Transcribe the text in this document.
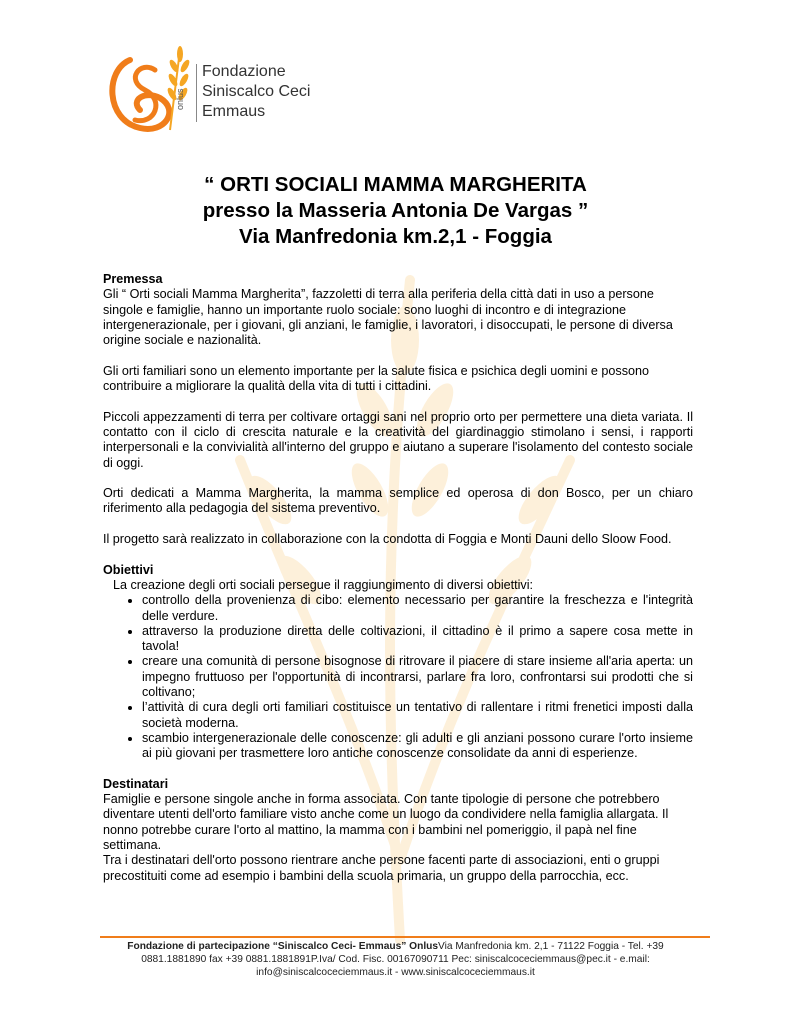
onlus
Fondazione
Siniscalco Ceci
Emmaus
“ ORTI SOCIALI MAMMA MARGHERITA
presso la Masseria Antonia De Vargas ”
Via Manfredonia km.2,1 - Foggia
Premessa

Gli “ Orti sociali Mamma Margherita”, fazzoletti di terra alla periferia della città dati in uso a persone singole e famiglie, hanno un importante ruolo sociale: sono luoghi di incontro e di integrazione intergenerazionale, per i giovani, gli anziani, le famiglie, i lavoratori, i disoccupati, le persone di diversa origine sociale e nazionalità.

Gli orti familiari sono un elemento importante per la salute fisica e psichica degli uomini e possono contribuire a migliorare la qualità della vita di tutti i cittadini.

Piccoli appezzamenti di terra per coltivare ortaggi sani nel proprio orto per permettere una dieta variata. Il contatto con il ciclo di crescita naturale e la creatività del giardinaggio stimolano i sensi, i rapporti interpersonali e la convivialità all'interno del gruppo e aiutano a superare l'isolamento del contesto sociale di oggi.

Orti dedicati a Mamma Margherita, la mamma semplice ed operosa di don Bosco, per un chiaro riferimento alla pedagogia del sistema preventivo.

Il progetto sarà realizzato in collaborazione con la condotta di Foggia e Monti Dauni dello Sloow Food.

Obiettivi
La creazione degli orti sociali persegue il raggiungimento di diversi obiettivi:
• controllo della provenienza di cibo: elemento necessario per garantire la freschezza e l'integrità delle verdure.
• attraverso la produzione diretta delle coltivazioni, il cittadino è il primo a sapere cosa mette in tavola!
• creare una comunità di persone bisognose di ritrovare il piacere di stare insieme all'aria aperta: un impegno fruttuoso per l'opportunità di incontrarsi, parlare fra loro, confrontarsi sui prodotti che si coltivano;
• l’attività di cura degli orti familiari costituisce un tentativo di rallentare i ritmi frenetici imposti dalla società moderna.
• scambio intergenerazionale delle conoscenze: gli adulti e gli anziani possono curare l'orto insieme ai più giovani per trasmettere loro antiche conoscenze consolidate da anni di esperienze.
Destinatari
Famiglie e persone singole anche in forma associata. Con tante tipologie di persone che potrebbero diventare utenti dell'orto familiare visto anche come un luogo da condividere nella famiglia allargata. Il nonno potrebbe curare l'orto al mattino, la mamma con i bambini nel pomeriggio, il papà nel fine settimana.
Tra i destinatari dell'orto possono rientrare anche persone facenti parte di associazioni, enti o gruppi precostituiti come ad esempio i bambini della scuola primaria, un gruppo della parrocchia, ecc.
Fondazione di partecipazione “Siniscalco Ceci- Emmaus” OnlusVia Manfredonia km. 2,1 - 71122 Foggia - Tel. +39
0881.1881890 fax +39 0881.1881891P.Iva/ Cod. Fisc. 00167090711 Pec: siniscalcoceciemmaus@pec.it - e.mail:
info@siniscalcoceciemmaus.it - www.siniscalcoceciemmaus.it
